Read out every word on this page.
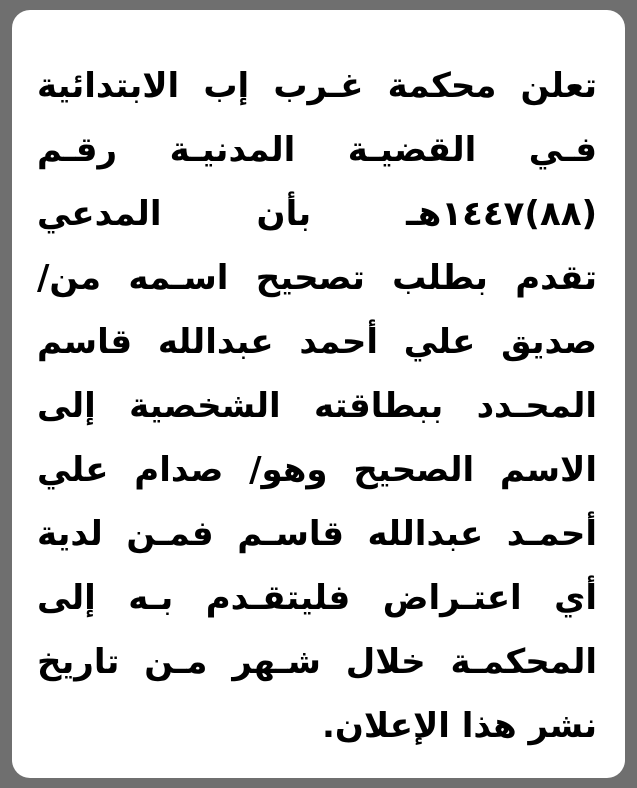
تعلن محكمة غـرب إب الابتدائية
فـي القضيـة المدنيـة رقـم
(٨٨)١٤٤٧هـ بأن المدعي
تقدم بطلب تصحيح اسـمه من/
صديق علي أحمد عبدالله قاسم
المحـدد ببطاقته الشخصية إلى
الاسم الصحيح وهو/ صدام علي
أحمـد عبدالله قاسـم فمـن لدية
أي اعتـراض فليتقـدم بـه إلى
المحكمـة خلال شـهر مـن تاريخ
نشر هذا الإعلان.
